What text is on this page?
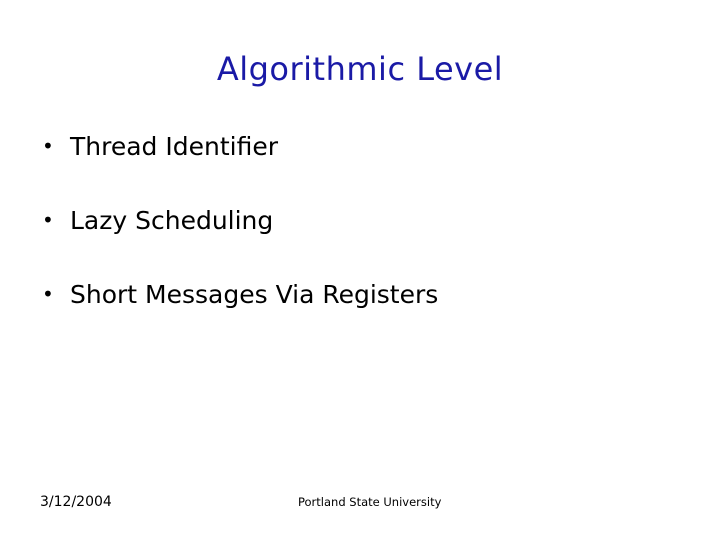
Algorithmic Level
• Thread Identifier
• Lazy Scheduling
• Short Messages Via Registers
3/12/2004	Portland State University
